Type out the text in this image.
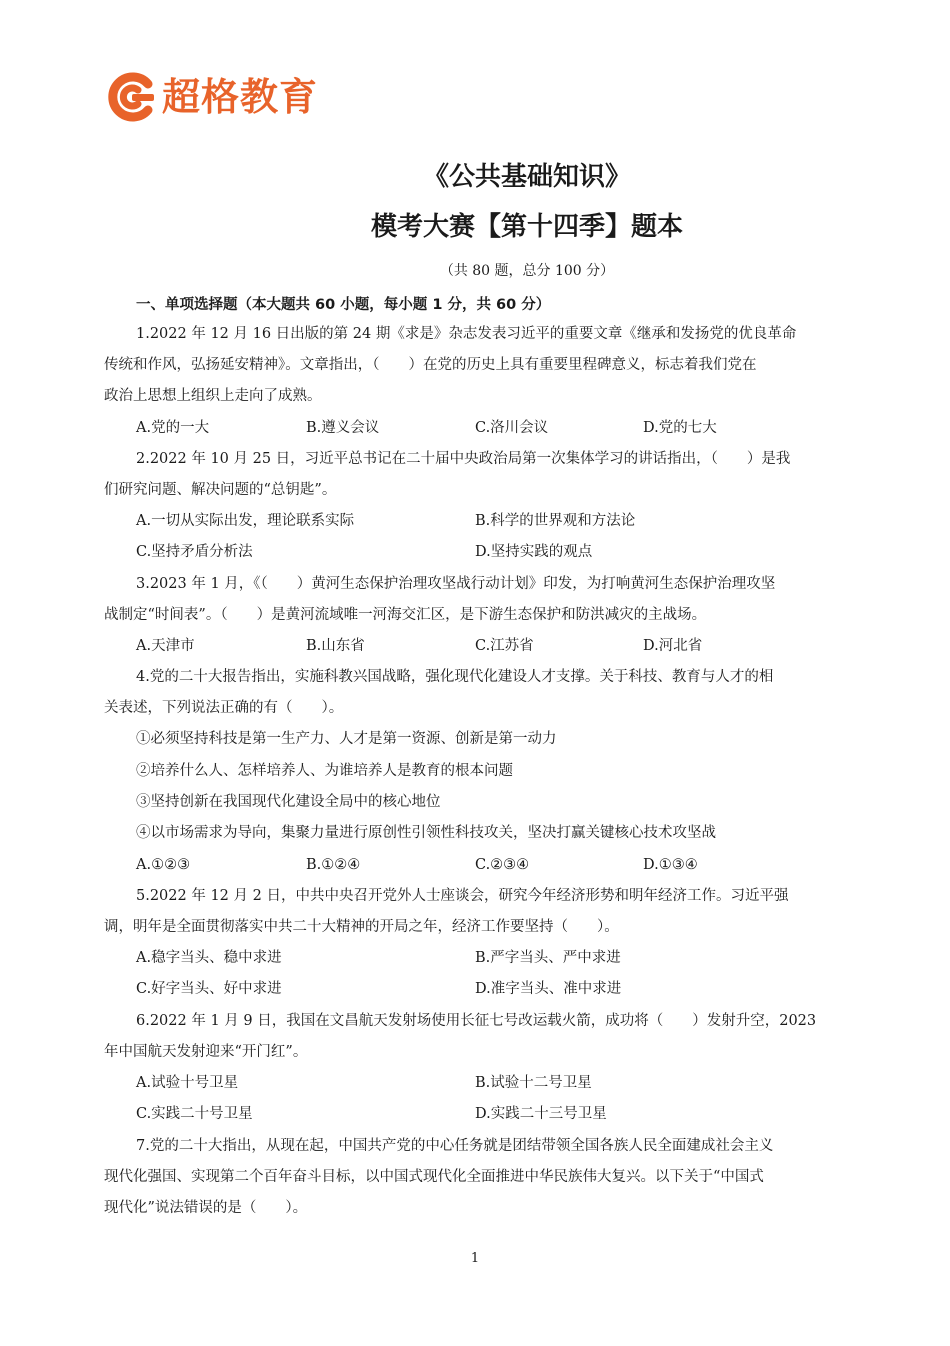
超格教育
《公共基础知识》
模考大赛【第十四季】题本
（共 80 题，总分 100 分）
一、单项选择题（本大题共 60 小题，每小题 1 分，共 60 分）
1.2022 年 12 月 16 日出版的第 24 期《求是》杂志发表习近平的重要文章《继承和发扬党的优良革命
传统和作风，弘扬延安精神》。文章指出，（　　）在党的历史上具有重要里程碑意义，标志着我们党在
政治上思想上组织上走向了成熟。
A.党的一大	B.遵义会议	C.洛川会议	D.党的七大
2.2022 年 10 月 25 日，习近平总书记在二十届中央政治局第一次集体学习的讲话指出，（　　）是我
们研究问题、解决问题的“总钥匙”。
A.一切从实际出发，理论联系实际	B.科学的世界观和方法论
C.坚持矛盾分析法	D.坚持实践的观点
3.2023 年 1 月，《（　　）黄河生态保护治理攻坚战行动计划》印发，为打响黄河生态保护治理攻坚
战制定“时间表”。（　　）是黄河流域唯一河海交汇区，是下游生态保护和防洪减灾的主战场。
A.天津市	B.山东省	C.江苏省	D.河北省
4.党的二十大报告指出，实施科教兴国战略，强化现代化建设人才支撑。关于科技、教育与人才的相
关表述，下列说法正确的有（　　）。
①必须坚持科技是第一生产力、人才是第一资源、创新是第一动力
②培养什么人、怎样培养人、为谁培养人是教育的根本问题
③坚持创新在我国现代化建设全局中的核心地位
④以市场需求为导向，集聚力量进行原创性引领性科技攻关，坚决打赢关键核心技术攻坚战
A.①②③	B.①②④	C.②③④	D.①③④
5.2022 年 12 月 2 日，中共中央召开党外人士座谈会，研究今年经济形势和明年经济工作。习近平强
调，明年是全面贯彻落实中共二十大精神的开局之年，经济工作要坚持（　　）。
A.稳字当头、稳中求进	B.严字当头、严中求进
C.好字当头、好中求进	D.准字当头、准中求进
6.2022 年 1 月 9 日，我国在文昌航天发射场使用长征七号改运载火箭，成功将（　　）发射升空，2023
年中国航天发射迎来“开门红”。
A.试验十号卫星	B.试验十二号卫星
C.实践二十号卫星	D.实践二十三号卫星
7.党的二十大指出，从现在起，中国共产党的中心任务就是团结带领全国各族人民全面建成社会主义
现代化强国、实现第二个百年奋斗目标，以中国式现代化全面推进中华民族伟大复兴。以下关于“中国式
现代化”说法错误的是（　　）。
1
